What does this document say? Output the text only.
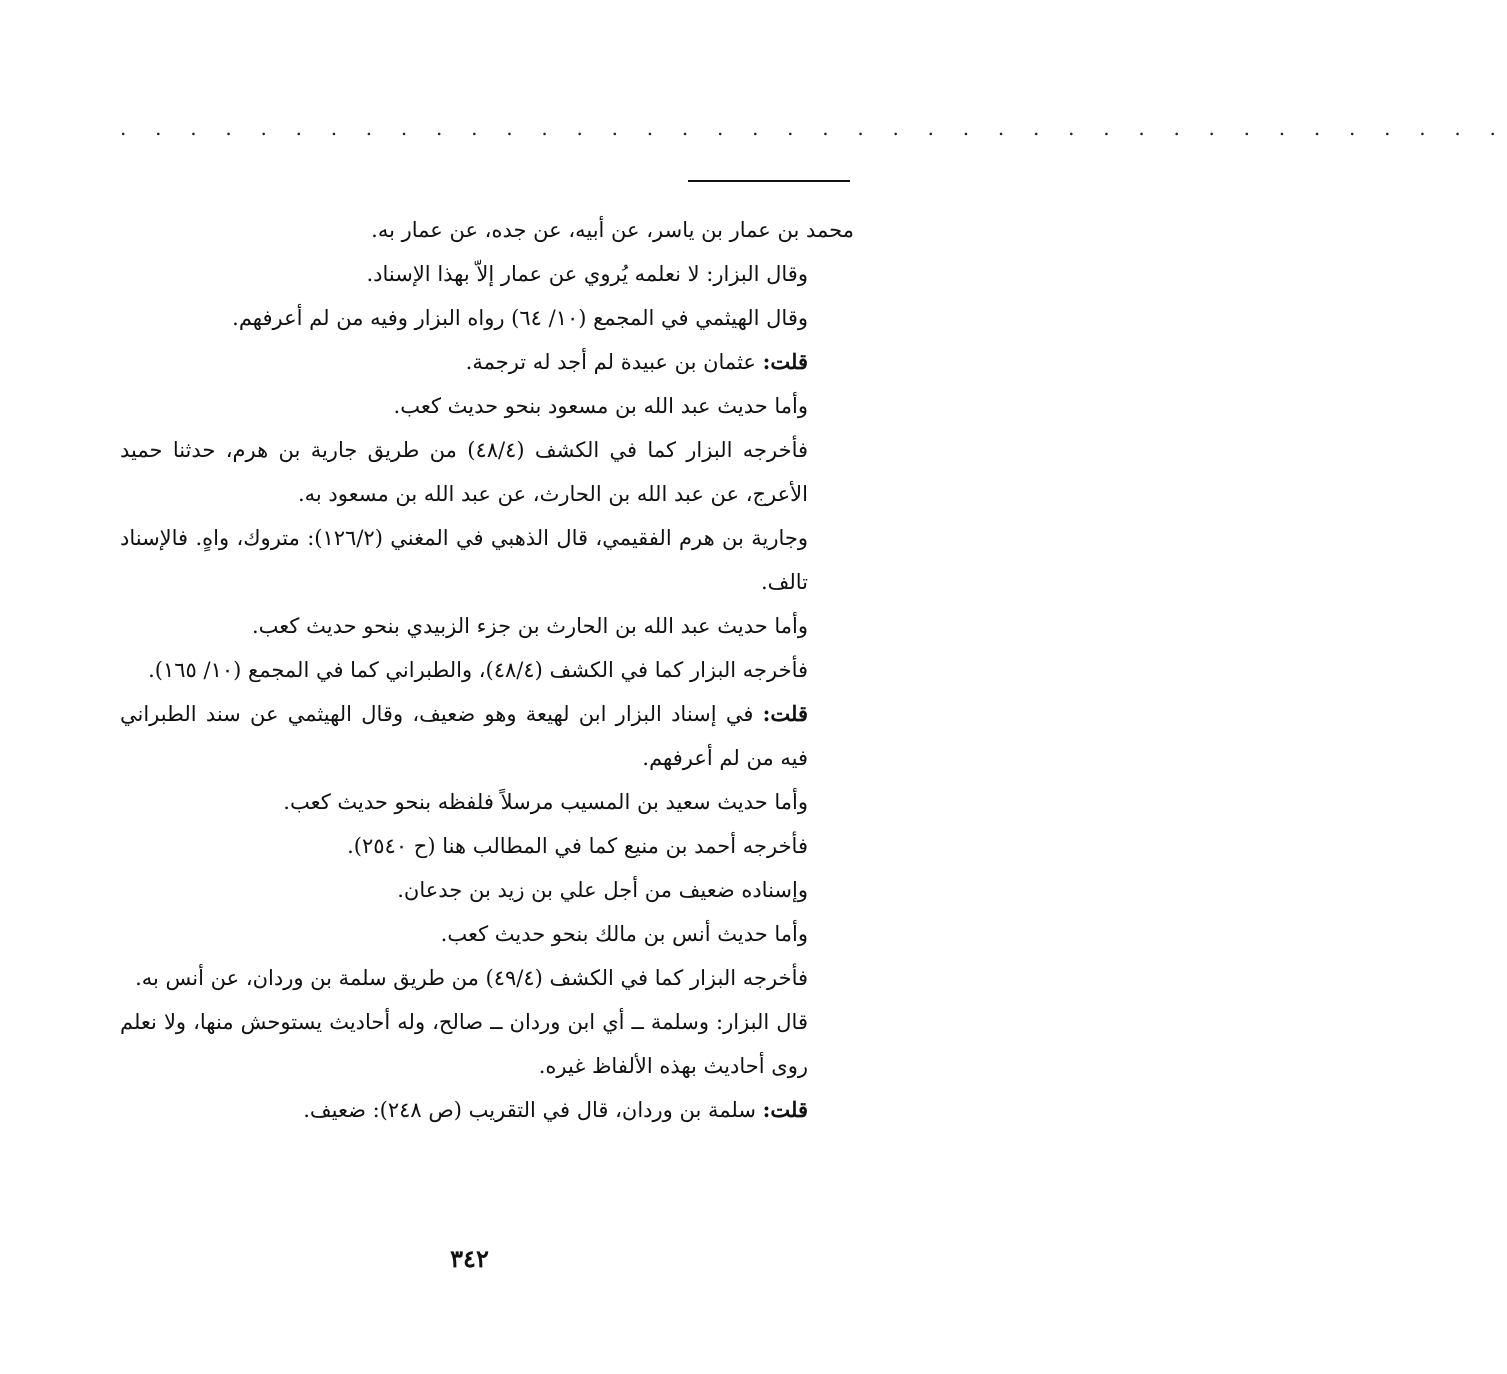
. . . . . . . . . . . . . . . . . . . . . . . . . . . . . . . . . . . . . . . .

محمد بن عمار بن ياسر، عن أبيه، عن جده، عن عمار به.

وقال البزار: لا نعلمه يُروي عن عمار إلاّ بهذا الإسناد.

وقال الهيثمي في المجمع (١٠/ ٦٤) رواه البزار وفيه من لم أعرفهم.

قلت: عثمان بن عبيدة لم أجد له ترجمة.

وأما حديث عبد الله بن مسعود بنحو حديث كعب.

فأخرجه البزار كما في الكشف (٤٨/٤) من طريق جارية بن هرم، حدثنا حميد الأعرج، عن عبد الله بن الحارث، عن عبد الله بن مسعود به.

وجارية بن هرم الفقيمي، قال الذهبي في المغني (١٢٦/٢): متروك، واهٍ. فالإسناد تالف.

وأما حديث عبد الله بن الحارث بن جزء الزبيدي بنحو حديث كعب.

فأخرجه البزار كما في الكشف (٤٨/٤)، والطبراني كما في المجمع (١٠/ ١٦٥).

قلت: في إسناد البزار ابن لهيعة وهو ضعيف، وقال الهيثمي عن سند الطبراني فيه من لم أعرفهم.

وأما حديث سعيد بن المسيب مرسلاً فلفظه بنحو حديث كعب.

فأخرجه أحمد بن منيع كما في المطالب هنا (ح ٢٥٤٠).

وإسناده ضعيف من أجل علي بن زيد بن جدعان.

وأما حديث أنس بن مالك بنحو حديث كعب.

فأخرجه البزار كما في الكشف (٤٩/٤) من طريق سلمة بن وردان، عن أنس به.

قال البزار: وسلمة ــ أي ابن وردان ــ صالح، وله أحاديث يستوحش منها، ولا نعلم روى أحاديث بهذه الألفاظ غيره.

قلت: سلمة بن وردان، قال في التقريب (ص ٢٤٨): ضعيف.

٣٤٢
